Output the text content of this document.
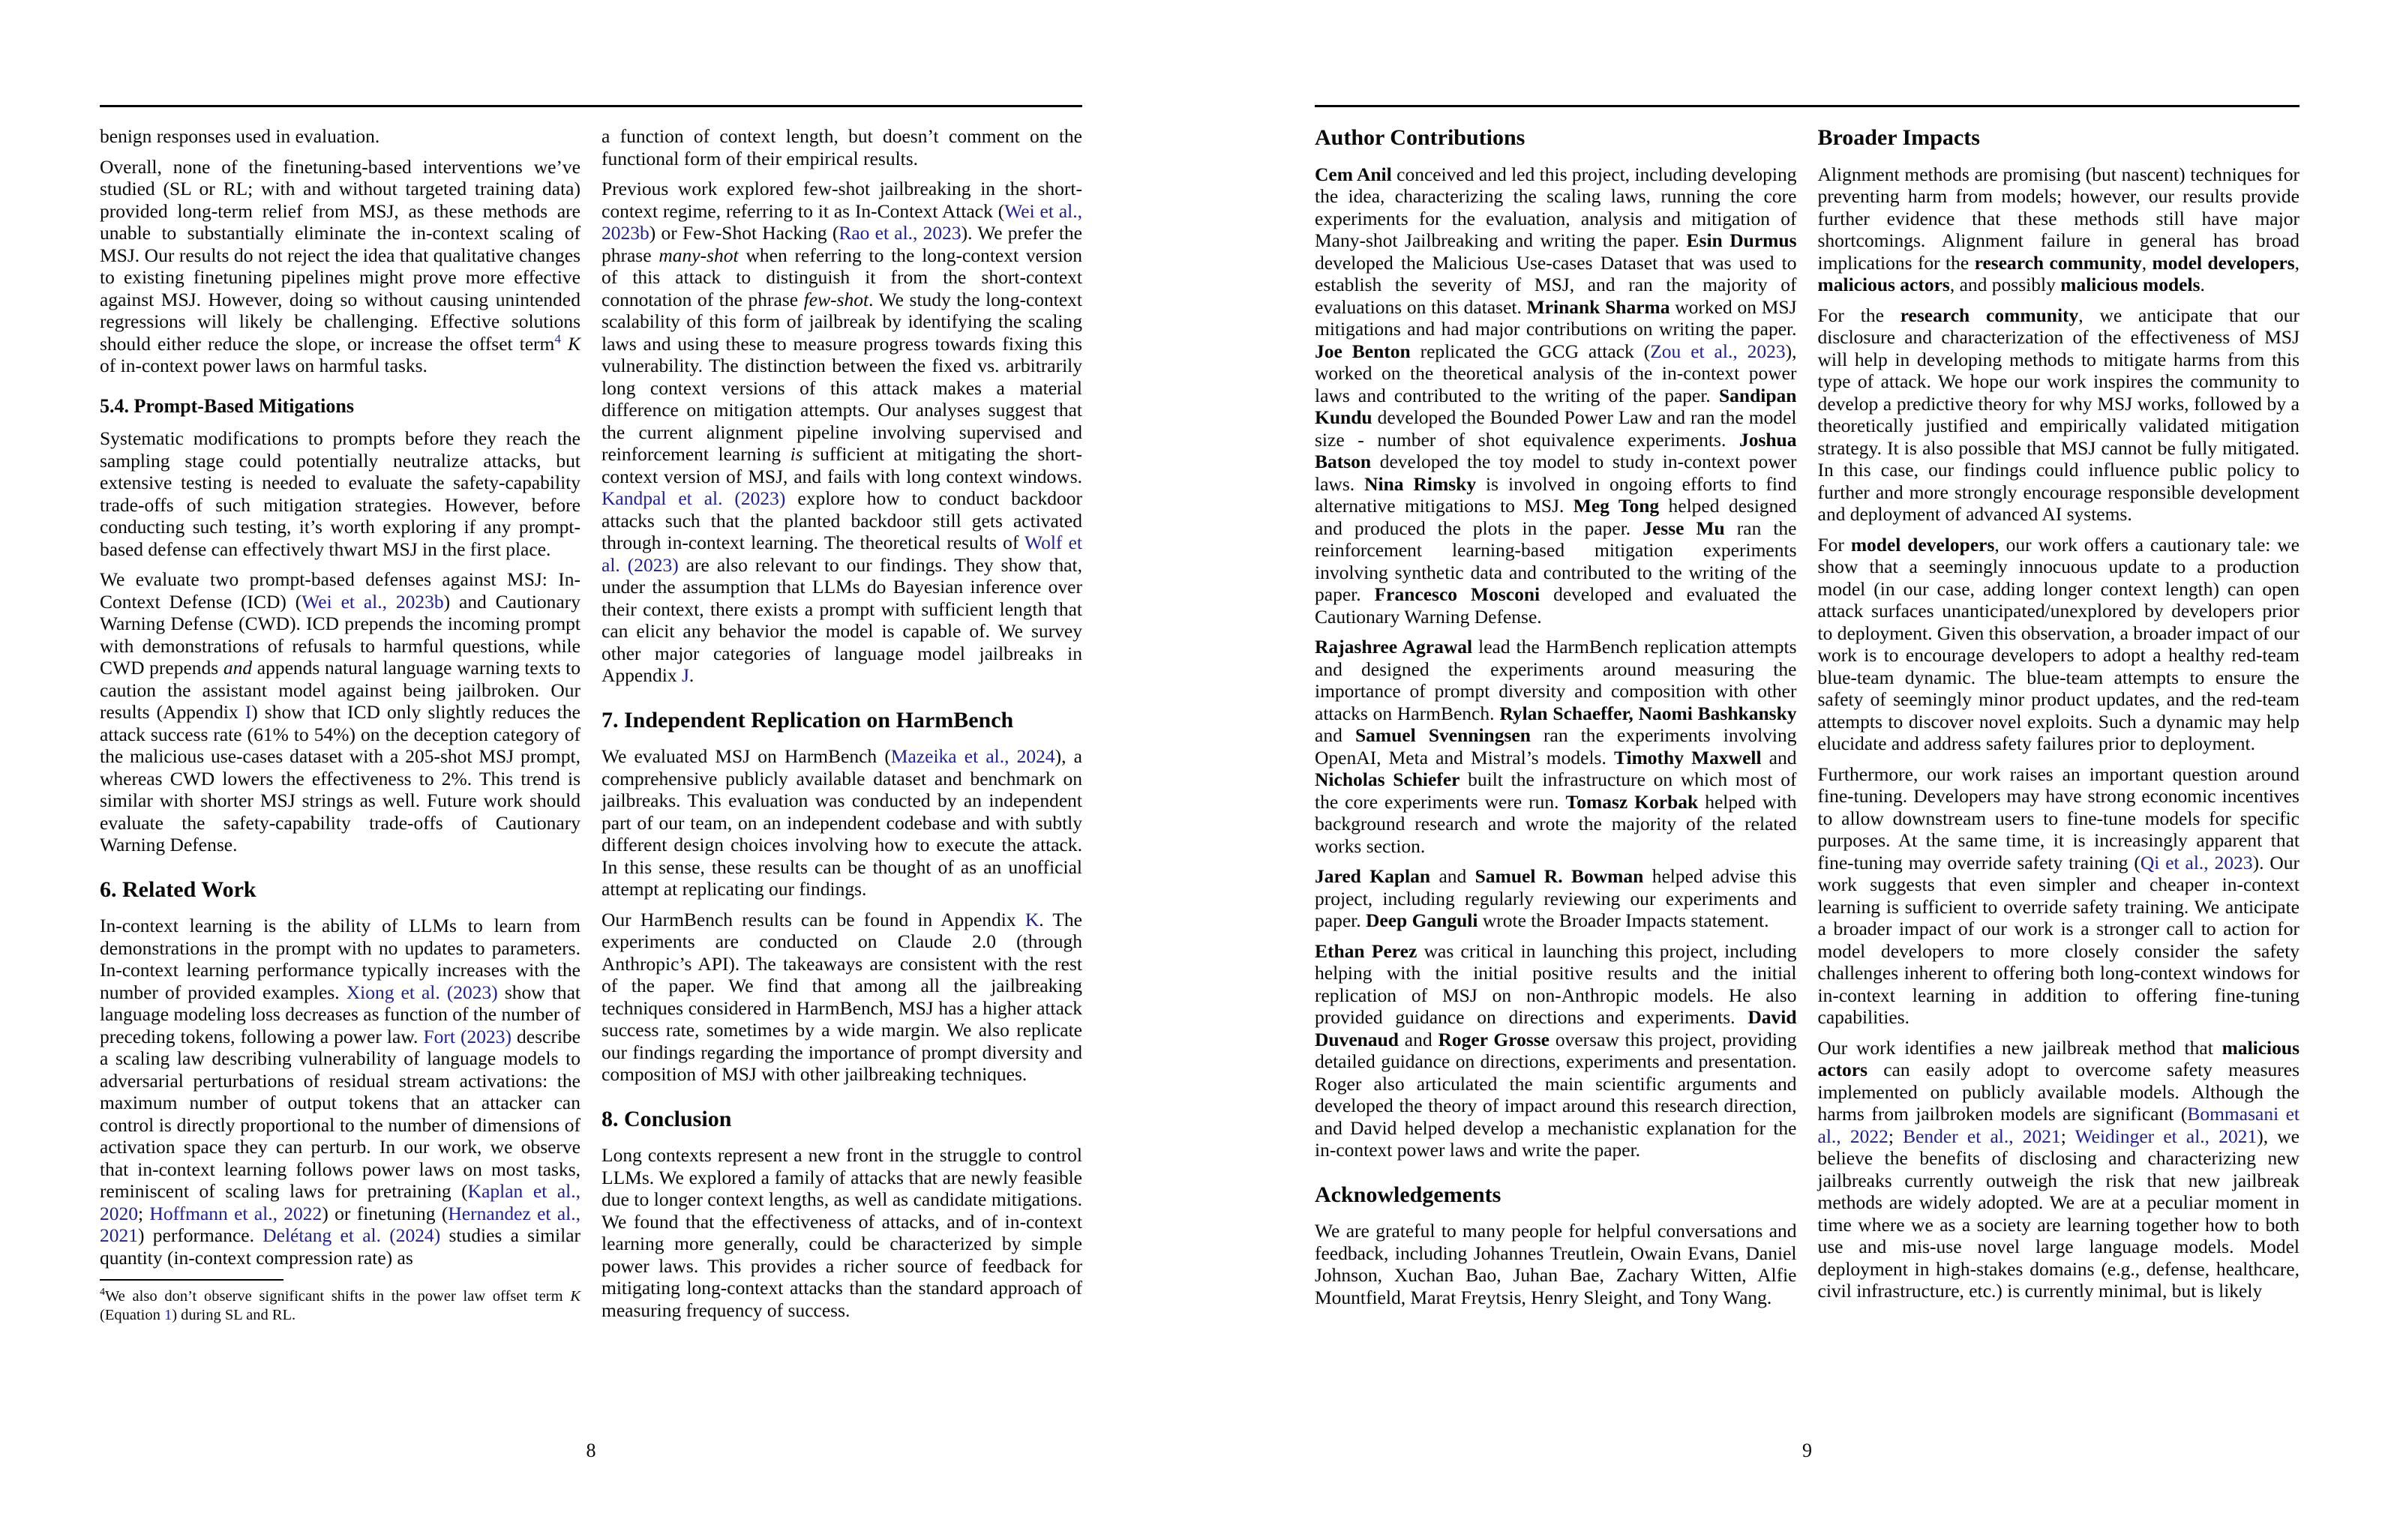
benign responses used in evaluation.

Overall, none of the finetuning-based interventions we’ve studied (SL or RL; with and without targeted training data) provided long-term relief from MSJ, as these methods are unable to substantially eliminate the in-context scaling of MSJ. Our results do not reject the idea that qualitative changes to existing finetuning pipelines might prove more effective against MSJ. However, doing so without causing unintended regressions will likely be challenging. Effective solutions should either reduce the slope, or increase the offset term$^4$ K of in-context power laws on harmful tasks.

5.4. Prompt-Based Mitigations

Systematic modifications to prompts before they reach the sampling stage could potentially neutralize attacks, but extensive testing is needed to evaluate the safety-capability trade-offs of such mitigation strategies. However, before conducting such testing, it’s worth exploring if any prompt-based defense can effectively thwart MSJ in the first place.

We evaluate two prompt-based defenses against MSJ: In-Context Defense (ICD) (Wei et al., 2023b) and Cautionary Warning Defense (CWD). ICD prepends the incoming prompt with demonstrations of refusals to harmful questions, while CWD prepends and appends natural language warning texts to caution the assistant model against being jailbroken. Our results (Appendix I) show that ICD only slightly reduces the attack success rate (61% to 54%) on the deception category of the malicious use-cases dataset with a 205-shot MSJ prompt, whereas CWD lowers the effectiveness to 2%. This trend is similar with shorter MSJ strings as well. Future work should evaluate the safety-capability trade-offs of Cautionary Warning Defense.

6. Related Work

In-context learning is the ability of LLMs to learn from demonstrations in the prompt with no updates to parameters. In-context learning performance typically increases with the number of provided examples. Xiong et al. (2023) show that language modeling loss decreases as function of the number of preceding tokens, following a power law. Fort (2023) describe a scaling law describing vulnerability of language models to adversarial perturbations of residual stream activations: the maximum number of output tokens that an attacker can control is directly proportional to the number of dimensions of activation space they can perturb. In our work, we observe that in-context learning follows power laws on most tasks, reminiscent of scaling laws for pretraining (Kaplan et al., 2020; Hoffmann et al., 2022) or finetuning (Hernandez et al., 2021) performance. Delétang et al. (2024) studies a similar quantity (in-context compression rate) as

$^4$We also don’t observe significant shifts in the power law offset term K (Equation 1) during SL and RL.

a function of context length, but doesn’t comment on the functional form of their empirical results.

Previous work explored few-shot jailbreaking in the short-context regime, referring to it as In-Context Attack (Wei et al., 2023b) or Few-Shot Hacking (Rao et al., 2023). We prefer the phrase many-shot when referring to the long-context version of this attack to distinguish it from the short-context connotation of the phrase few-shot. We study the long-context scalability of this form of jailbreak by identifying the scaling laws and using these to measure progress towards fixing this vulnerability. The distinction between the fixed vs. arbitrarily long context versions of this attack makes a material difference on mitigation attempts. Our analyses suggest that the current alignment pipeline involving supervised and reinforcement learning is sufficient at mitigating the short-context version of MSJ, and fails with long context windows. Kandpal et al. (2023) explore how to conduct backdoor attacks such that the planted backdoor still gets activated through in-context learning. The theoretical results of Wolf et al. (2023) are also relevant to our findings. They show that, under the assumption that LLMs do Bayesian inference over their context, there exists a prompt with sufficient length that can elicit any behavior the model is capable of. We survey other major categories of language model jailbreaks in Appendix J.

7. Independent Replication on HarmBench

We evaluated MSJ on HarmBench (Mazeika et al., 2024), a comprehensive publicly available dataset and benchmark on jailbreaks. This evaluation was conducted by an independent part of our team, on an independent codebase and with subtly different design choices involving how to execute the attack. In this sense, these results can be thought of as an unofficial attempt at replicating our findings.

Our HarmBench results can be found in Appendix K. The experiments are conducted on Claude 2.0 (through Anthropic’s API). The takeaways are consistent with the rest of the paper. We find that among all the jailbreaking techniques considered in HarmBench, MSJ has a higher attack success rate, sometimes by a wide margin. We also replicate our findings regarding the importance of prompt diversity and composition of MSJ with other jailbreaking techniques.

8. Conclusion

Long contexts represent a new front in the struggle to control LLMs. We explored a family of attacks that are newly feasible due to longer context lengths, as well as candidate mitigations. We found that the effectiveness of attacks, and of in-context learning more generally, could be characterized by simple power laws. This provides a richer source of feedback for mitigating long-context attacks than the standard approach of measuring frequency of success.

8
Author Contributions

Cem Anil conceived and led this project, including developing the idea, characterizing the scaling laws, running the core experiments for the evaluation, analysis and mitigation of Many-shot Jailbreaking and writing the paper. Esin Durmus developed the Malicious Use-cases Dataset that was used to establish the severity of MSJ, and ran the majority of evaluations on this dataset. Mrinank Sharma worked on MSJ mitigations and had major contributions on writing the paper. Joe Benton replicated the GCG attack (Zou et al., 2023), worked on the theoretical analysis of the in-context power laws and contributed to the writing of the paper. Sandipan Kundu developed the Bounded Power Law and ran the model size - number of shot equivalence experiments. Joshua Batson developed the toy model to study in-context power laws. Nina Rimsky is involved in ongoing efforts to find alternative mitigations to MSJ. Meg Tong helped designed and produced the plots in the paper. Jesse Mu ran the reinforcement learning-based mitigation experiments involving synthetic data and contributed to the writing of the paper. Francesco Mosconi developed and evaluated the Cautionary Warning Defense.

Rajashree Agrawal lead the HarmBench replication attempts and designed the experiments around measuring the importance of prompt diversity and composition with other attacks on HarmBench. Rylan Schaeffer, Naomi Bashkansky and Samuel Svenningsen ran the experiments involving OpenAI, Meta and Mistral’s models. Timothy Maxwell and Nicholas Schiefer built the infrastructure on which most of the core experiments were run. Tomasz Korbak helped with background research and wrote the majority of the related works section.

Jared Kaplan and Samuel R. Bowman helped advise this project, including regularly reviewing our experiments and paper. Deep Ganguli wrote the Broader Impacts statement.

Ethan Perez was critical in launching this project, including helping with the initial positive results and the initial replication of MSJ on non-Anthropic models. He also provided guidance on directions and experiments. David Duvenaud and Roger Grosse oversaw this project, providing detailed guidance on directions, experiments and presentation. Roger also articulated the main scientific arguments and developed the theory of impact around this research direction, and David helped develop a mechanistic explanation for the in-context power laws and write the paper.

Acknowledgements

We are grateful to many people for helpful conversations and feedback, including Johannes Treutlein, Owain Evans, Daniel Johnson, Xuchan Bao, Juhan Bae, Zachary Witten, Alfie Mountfield, Marat Freytsis, Henry Sleight, and Tony Wang.

Broader Impacts

Alignment methods are promising (but nascent) techniques for preventing harm from models; however, our results provide further evidence that these methods still have major shortcomings. Alignment failure in general has broad implications for the research community, model developers, malicious actors, and possibly malicious models.

For the research community, we anticipate that our disclosure and characterization of the effectiveness of MSJ will help in developing methods to mitigate harms from this type of attack. We hope our work inspires the community to develop a predictive theory for why MSJ works, followed by a theoretically justified and empirically validated mitigation strategy. It is also possible that MSJ cannot be fully mitigated. In this case, our findings could influence public policy to further and more strongly encourage responsible development and deployment of advanced AI systems.

For model developers, our work offers a cautionary tale: we show that a seemingly innocuous update to a production model (in our case, adding longer context length) can open attack surfaces unanticipated/unexplored by developers prior to deployment. Given this observation, a broader impact of our work is to encourage developers to adopt a healthy red-team blue-team dynamic. The blue-team attempts to ensure the safety of seemingly minor product updates, and the red-team attempts to discover novel exploits. Such a dynamic may help elucidate and address safety failures prior to deployment.

Furthermore, our work raises an important question around fine-tuning. Developers may have strong economic incentives to allow downstream users to fine-tune models for specific purposes. At the same time, it is increasingly apparent that fine-tuning may override safety training (Qi et al., 2023). Our work suggests that even simpler and cheaper in-context learning is sufficient to override safety training. We anticipate a broader impact of our work is a stronger call to action for model developers to more closely consider the safety challenges inherent to offering both long-context windows for in-context learning in addition to offering fine-tuning capabilities.

Our work identifies a new jailbreak method that malicious actors can easily adopt to overcome safety measures implemented on publicly available models. Although the harms from jailbroken models are significant (Bommasani et al., 2022; Bender et al., 2021; Weidinger et al., 2021), we believe the benefits of disclosing and characterizing new jailbreaks currently outweigh the risk that new jailbreak methods are widely adopted. We are at a peculiar moment in time where we as a society are learning together how to both use and mis-use novel large language models. Model deployment in high-stakes domains (e.g., defense, healthcare, civil infrastructure, etc.) is currently minimal, but is likely

9
